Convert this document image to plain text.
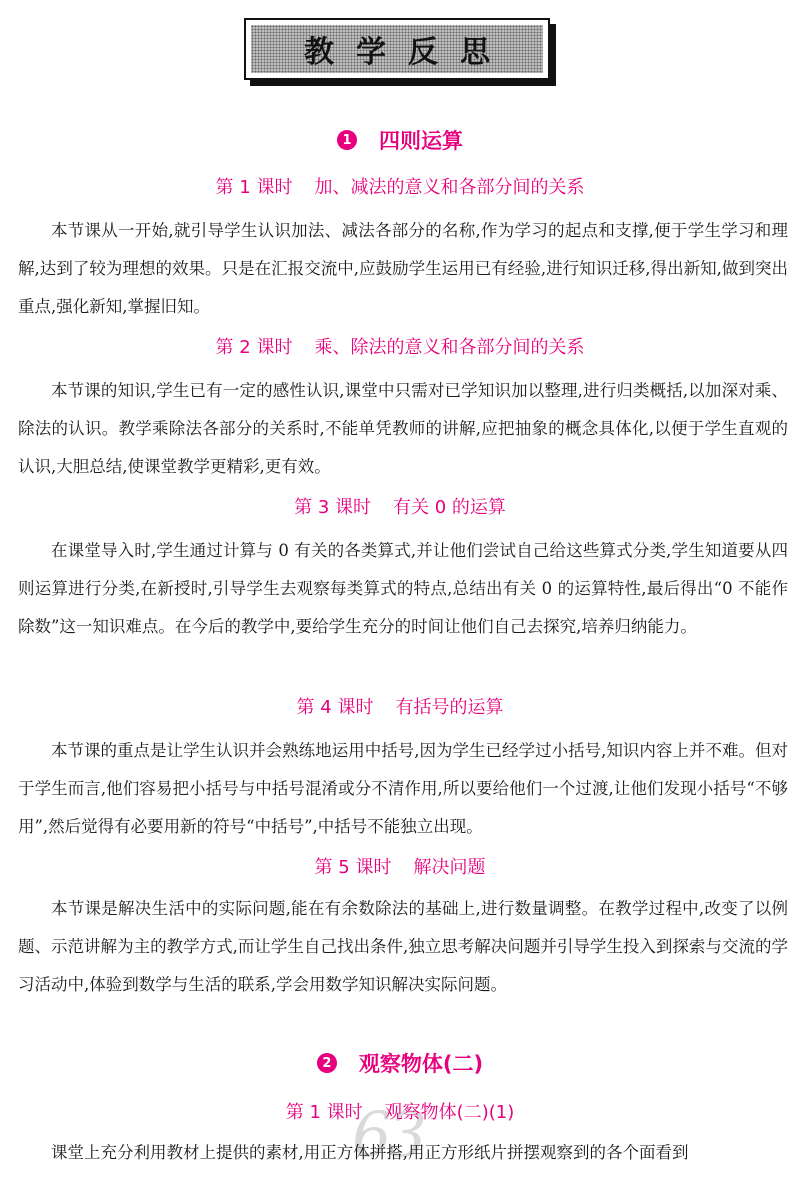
教学反思
1 四则运算
第 1 课时 加、减法的意义和各部分间的关系

本节课从一开始,就引导学生认识加法、减法各部分的名称,作为学习的起点和支撑,便于学生学习和理解,达到了较为理想的效果。只是在汇报交流中,应鼓励学生运用已有经验,进行知识迁移,得出新知,做到突出重点,强化新知,掌握旧知。

第 2 课时 乘、除法的意义和各部分间的关系

本节课的知识,学生已有一定的感性认识,课堂中只需对已学知识加以整理,进行归类概括,以加深对乘、除法的认识。教学乘除法各部分的关系时,不能单凭教师的讲解,应把抽象的概念具体化,以便于学生直观的认识,大胆总结,使课堂教学更精彩,更有效。

第 3 课时 有关 0 的运算

在课堂导入时,学生通过计算与 0 有关的各类算式,并让他们尝试自己给这些算式分类,学生知道要从四则运算进行分类,在新授时,引导学生去观察每类算式的特点,总结出有关 0 的运算特性,最后得出“0 不能作除数”这一知识难点。在今后的教学中,要给学生充分的时间让他们自己去探究,培养归纳能力。

第 4 课时 有括号的运算

本节课的重点是让学生认识并会熟练地运用中括号,因为学生已经学过小括号,知识内容上并不难。但对于学生而言,他们容易把小括号与中括号混淆或分不清作用,所以要给他们一个过渡,让他们发现小括号“不够用”,然后觉得有必要用新的符号“中括号”,中括号不能独立出现。

第 5 课时 解决问题

本节课是解决生活中的实际问题,能在有余数除法的基础上,进行数量调整。在教学过程中,改变了以例题、示范讲解为主的教学方式,而让学生自己找出条件,独立思考解决问题并引导学生投入到探索与交流的学习活动中,体验到数学与生活的联系,学会用数学知识解决实际问题。

2 观察物体(二)
63
第 1 课时 观察物体(二)(1)

课堂上充分利用教材上提供的素材,用正方体拼搭,用正方形纸片拼摆观察到的各个面看到
